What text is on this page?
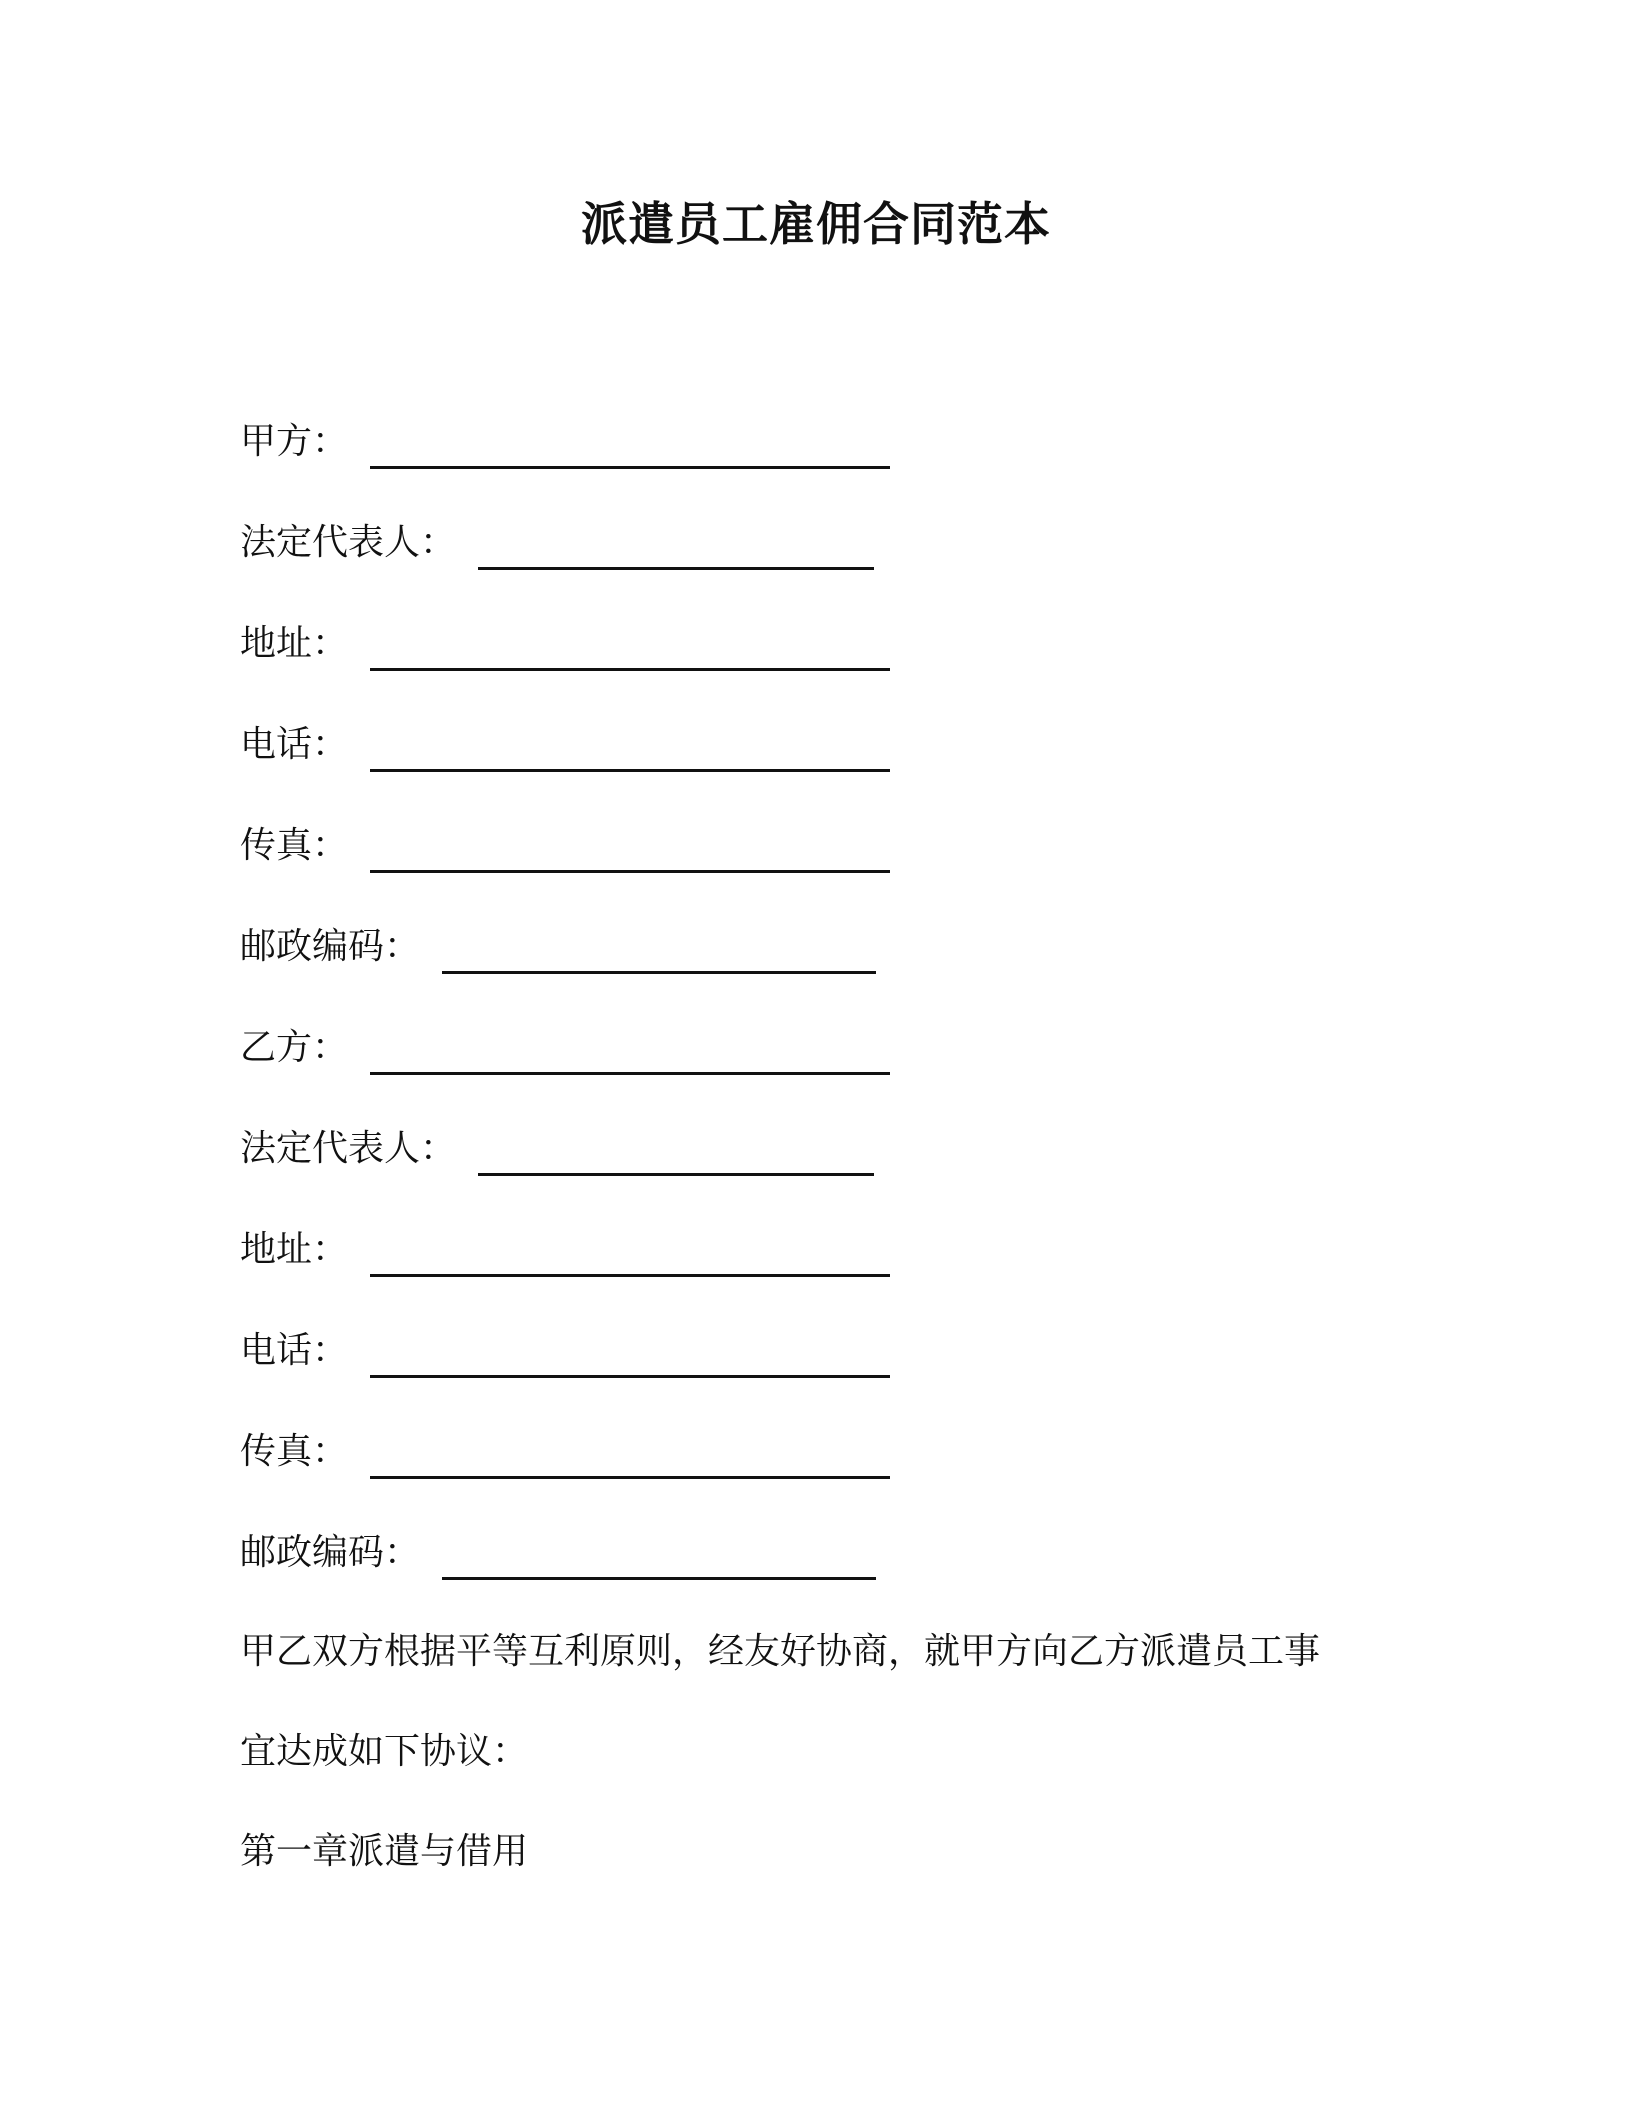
派遣员工雇佣合同范本
甲方 ：
法定代表人 ：
地址 ：
电话 ：
传真 ：
邮政编码 ：
乙方 ：
法定代表人 ：
地址 ：
电话 ：
传真 ：
邮政编码 ：
甲乙双方根据平等互利原则，经友好协商，就甲方向乙方派遣员工事
宜达成如下协议：
第一章派遣与借用
